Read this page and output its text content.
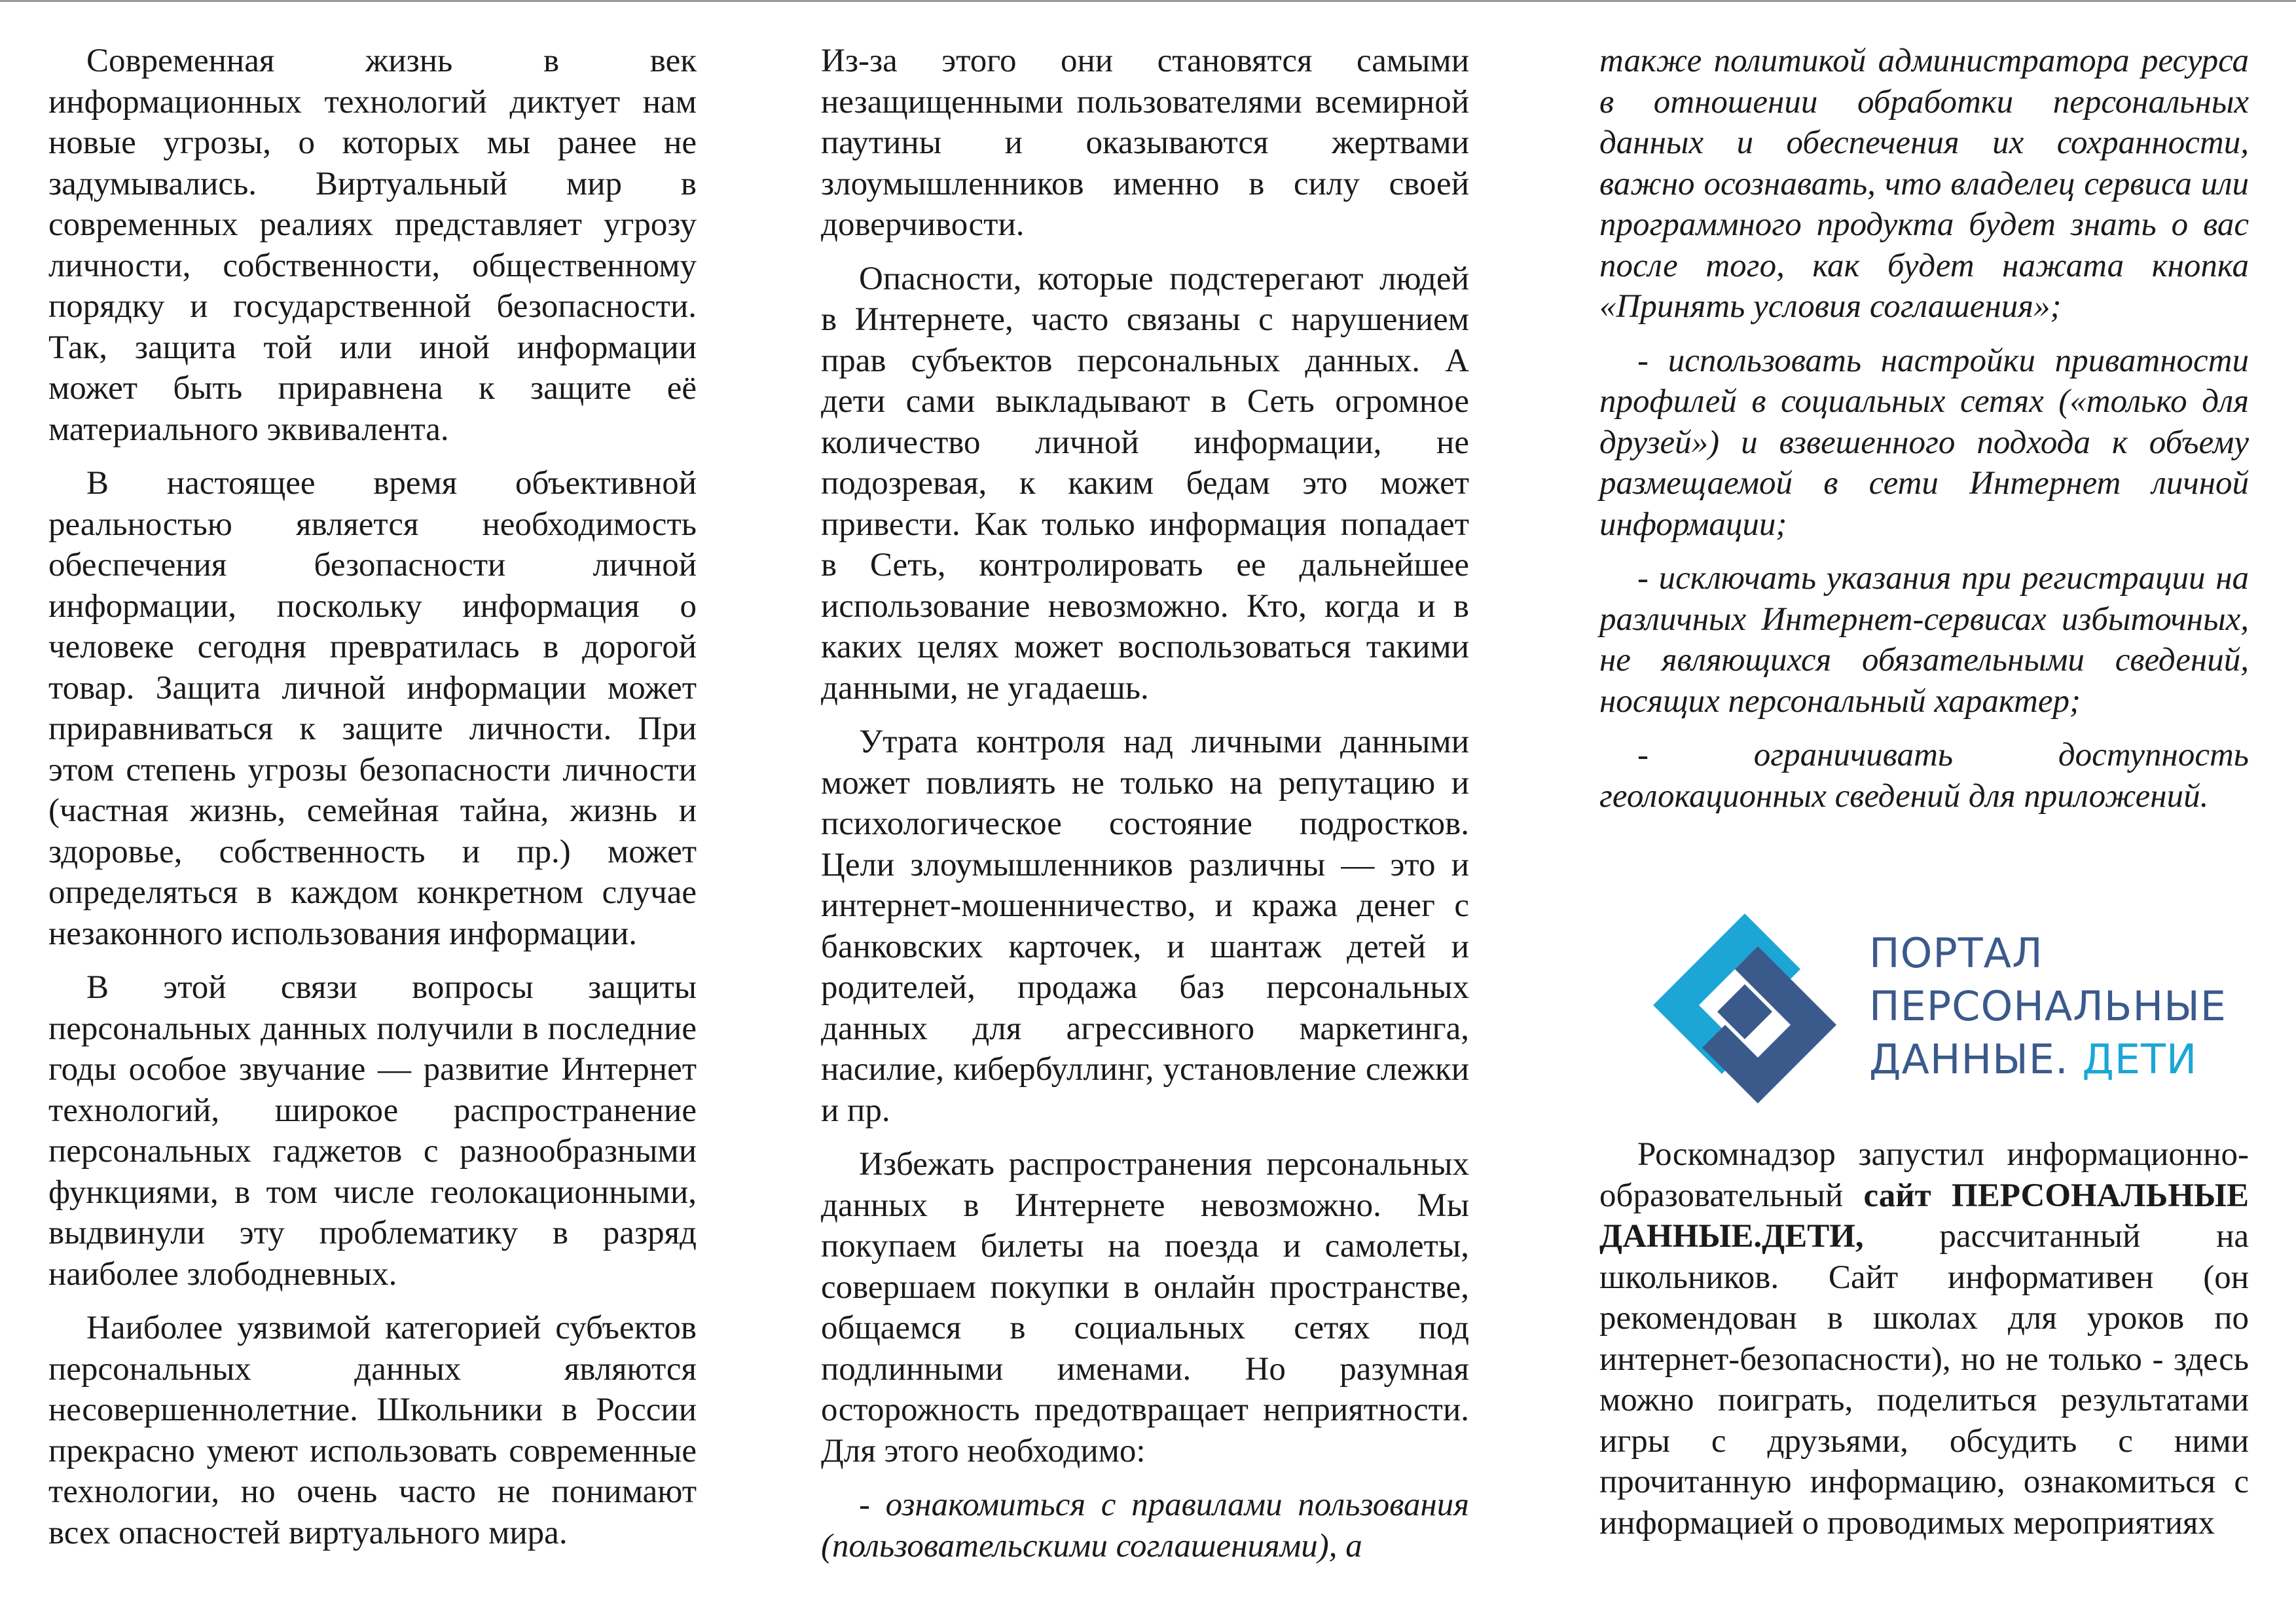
Современная жизнь в век информационных технологий диктует нам новые угрозы, о которых мы ранее не задумывались. Виртуальный мир в современных реалиях представляет угрозу личности, собственности, общественному порядку и государственной безопасности. Так, защита той или иной информации может быть приравнена к защите её материального эквивалента.

В настоящее время объективной реальностью является необходимость обеспечения безопасности личной информации, поскольку информация о человеке сегодня превратилась в дорогой товар. Защита личной информации может приравниваться к защите личности. При этом степень угрозы безопасности личности (частная жизнь, семейная тайна, жизнь и здоровье, собственность и пр.) может определяться в каждом конкретном случае незаконного использования информации.

В этой связи вопросы защиты персональных данных получили в последние годы особое звучание — развитие Интернет технологий, широкое распространение персональных гаджетов с разнообразными функциями, в том числе геолокационными, выдвинули эту проблематику в разряд наиболее злободневных.

Наиболее уязвимой категорией субъектов персональных данных являются несовершеннолетние. Школьники в России прекрасно умеют использовать современные технологии, но очень часто не понимают всех опасностей виртуального мира.

Из-за этого они становятся самыми незащищенными пользователями всемирной паутины и оказываются жертвами злоумышленников именно в силу своей доверчивости.

Опасности, которые подстерегают людей в Интернете, часто связаны с нарушением прав субъектов персональных данных. А дети сами выкладывают в Сеть огромное количество личной информации, не подозревая, к каким бедам это может привести. Как только информация попадает в Сеть, контролировать ее дальнейшее использование невозможно. Кто, когда и в каких целях может воспользоваться такими данными, не угадаешь.

Утрата контроля над личными данными может повлиять не только на репутацию и психологическое состояние подростков. Цели злоумышленников различны — это и интернет-мошенничество, и кража денег с банковских карточек, и шантаж детей и родителей, продажа баз персональных данных для агрессивного маркетинга, насилие, кибербуллинг, установление слежки и пр.

Избежать распространения персональных данных в Интернете невозможно. Мы покупаем билеты на поезда и самолеты, совершаем покупки в онлайн пространстве, общаемся в социальных сетях под подлинными именами. Но разумная осторожность предотвращает неприятности. Для этого необходимо:

- ознакомиться с правилами пользования (пользовательскими соглашениями), а

также политикой администратора ресурса в отношении обработки персональных данных и обеспечения их сохранности, важно осознавать, что владелец сервиса или программного продукта будет знать о вас после того, как будет нажата кнопка «Принять условия соглашения»;

- использовать настройки приватности профилей в социальных сетях («только для друзей») и взвешенного подхода к объему размещаемой в сети Интернет личной информации;

- исключать указания при регистрации на различных Интернет-сервисах избыточных, не являющихся обязательными сведений, носящих персональный характер;

- ограничивать доступность геолокационных сведений для приложений.

ПОРТАЛ
ПЕРСОНАЛЬНЫЕ
ДАННЫЕ. ДЕТИ

Роскомнадзор запустил информационно-образовательный сайт ПЕРСОНАЛЬНЫЕ ДАННЫЕ.ДЕТИ, рассчитанный на школьников. Сайт информативен (он рекомендован в школах для уроков по интернет-безопасности), но не только - здесь можно поиграть, поделиться результатами игры с друзьями, обсудить с ними прочитанную информацию, ознакомиться с информацией о проводимых мероприятиях
